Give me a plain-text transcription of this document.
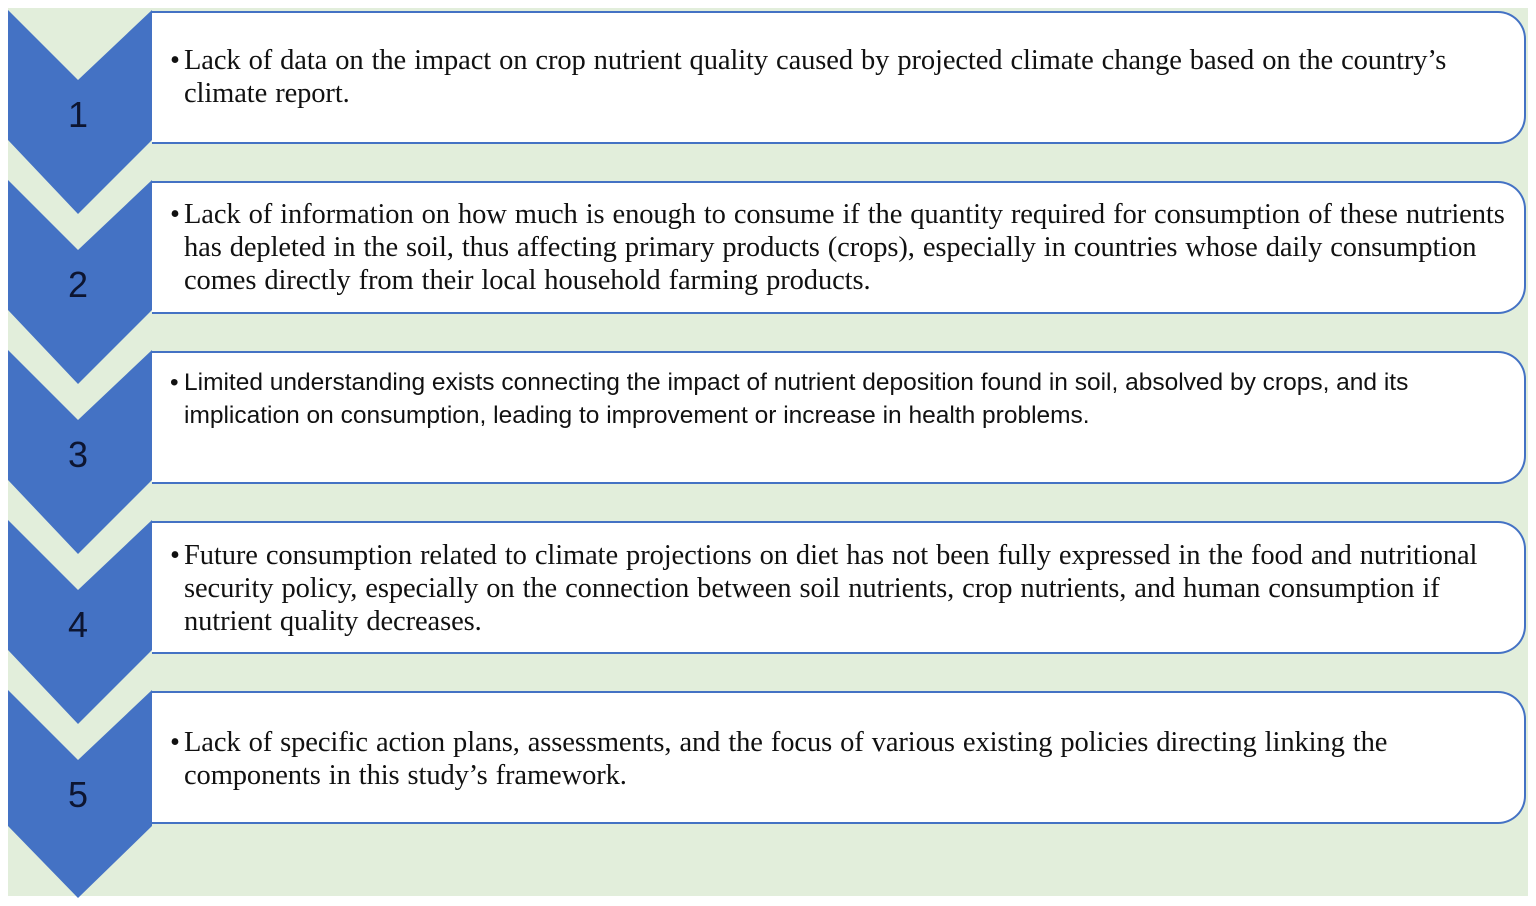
1
2
3
4
5
• Lack of data on the impact on crop nutrient quality caused by projected climate change based on the country’s climate report.
• Lack of information on how much is enough to consume if the quantity required for consumption of these nutrients has depleted in the soil, thus affecting primary products (crops), especially in countries whose daily consumption comes directly from their local household farming products.
• Limited understanding exists connecting the impact of nutrient deposition found in soil, absolved by crops, and its implication on consumption, leading to improvement or increase in health problems.
• Future consumption related to climate projections on diet has not been fully expressed in the food and nutritional security policy, especially on the connection between soil nutrients, crop nutrients, and human consumption if nutrient quality decreases.
• Lack of specific action plans, assessments, and the focus of various existing policies directing linking the components in this study’s framework.
